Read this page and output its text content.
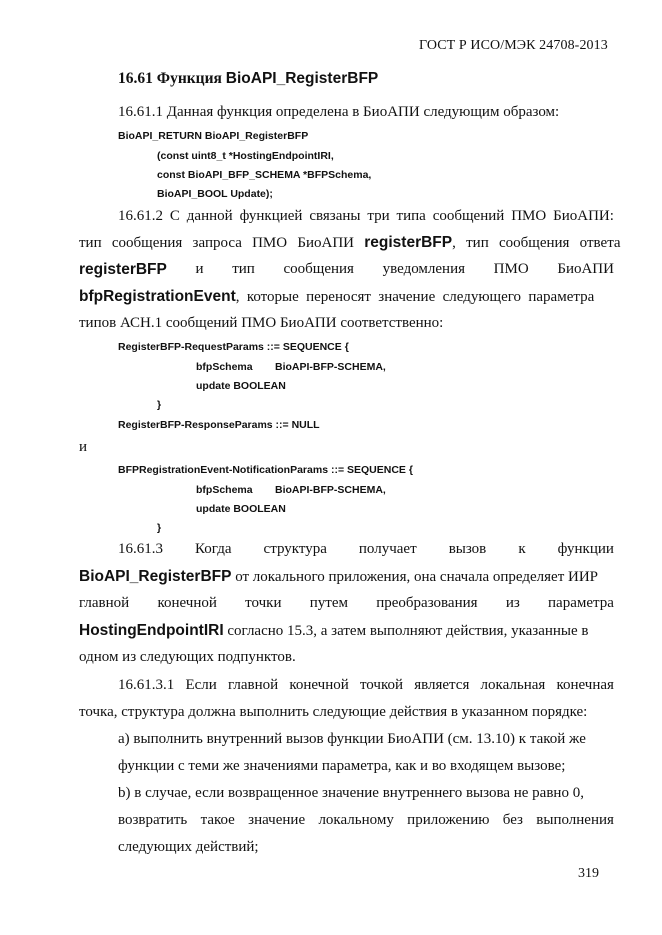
ГОСТ Р ИСО/МЭК 24708-2013
16.61 Функция BioAPI_RegisterBFP
16.61.1 Данная функция определена в БиоАПИ следующим образом:
BioAPI_RETURN BioAPI_RegisterBFP
(const uint8_t *HostingEndpointIRI,
const BioAPI_BFP_SCHEMA *BFPSchema,
BioAPI_BOOL Update);
16.61.2 С данной функцией связаны три типа сообщений ПМО БиоАПИ:
тип сообщения запроса ПМО БиоАПИ registerBFP, тип сообщения ответа
registerBFP и тип сообщения уведомления ПМО БиоАПИ
bfpRegistrationEvent, которые переносят значение следующего параметра
типов АСН.1 сообщений ПМО БиоАПИ соответственно:
RegisterBFP-RequestParams ::= SEQUENCE {
bfpSchema BioAPI-BFP-SCHEMA,
update BOOLEAN
}
RegisterBFP-ResponseParams ::= NULL
и
BFPRegistrationEvent-NotificationParams ::= SEQUENCE {
bfpSchema BioAPI-BFP-SCHEMA,
update BOOLEAN
}
16.61.3 Когда структура получает вызов к функции
BioAPI_RegisterBFP от локального приложения, она сначала определяет ИИР
главной конечной точки путем преобразования из параметра
HostingEndpointIRI согласно 15.3, а затем выполняют действия, указанные в
одном из следующих подпунктов.
16.61.3.1 Если главной конечной точкой является локальная конечная
точка, структура должна выполнить следующие действия в указанном порядке:
a) выполнить внутренний вызов функции БиоАПИ (см. 13.10) к такой же
функции с теми же значениями параметра, как и во входящем вызове;
b) в случае, если возвращенное значение внутреннего вызова не равно 0,
возвратить такое значение локальному приложению без выполнения
следующих действий;
319
